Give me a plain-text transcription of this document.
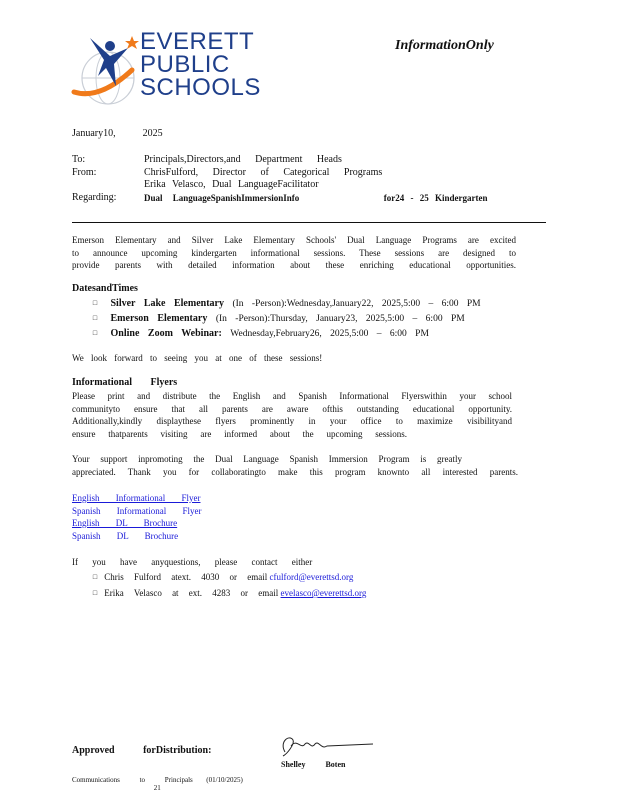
EVERETT
PUBLIC
SCHOOLS
InformationOnly
January10,	2025
To:	Principals,Directors,and Department Heads
From:	ChrisFulford, Director of Categorical Programs
	Erika Velasco, Dual LanguageFacilitator
Regarding:	Dual LanguageSpanishImmersionInfo for24 - 25 Kindergarten
Emerson Elementary and Silver Lake Elementary Schools' Dual Language Programs are excited
to announce upcoming kindergarten informational sessions. These sessions are designed to
provide parents with detailed information about these enriching educational opportunities.
DatesandTimes
□ Silver Lake Elementary (In -Person):Wednesday,January22, 2025,5:00 – 6:00 PM
□ Emerson Elementary (In -Person):Thursday, January23, 2025,5:00 – 6:00 PM
□ Online Zoom Webinar: Wednesday,February26, 2025,5:00 – 6:00 PM
We look forward to seeing you at one of these sessions!
Informational Flyers
Please print and distribute the English and Spanish Informational Flyerswithin your school
communityto ensure that all parents are aware ofthis outstanding educational opportunity.
Additionally,kindly displaythese flyers prominently in your office to maximize visibilityand
ensure thatparents visiting are informed about the upcoming sessions.
Your support inpromoting the Dual Language Spanish Immersion Program is greatly
appreciated. Thank you for collaboratingto make this program knownto all interested parents.
English Informational Flyer
Spanish Informational Flyer
English DL Brochure
Spanish DL Brochure
If you have anyquestions, please contact either
□ Chris Fulford atext. 4030 or email cfulford@everettsd.org
□ Erika Velasco at ext. 4283 or email evelasco@everettsd.org
Approved forDistribution:
Shelley Boten
Communications to Principals (01/10/2025)  21
